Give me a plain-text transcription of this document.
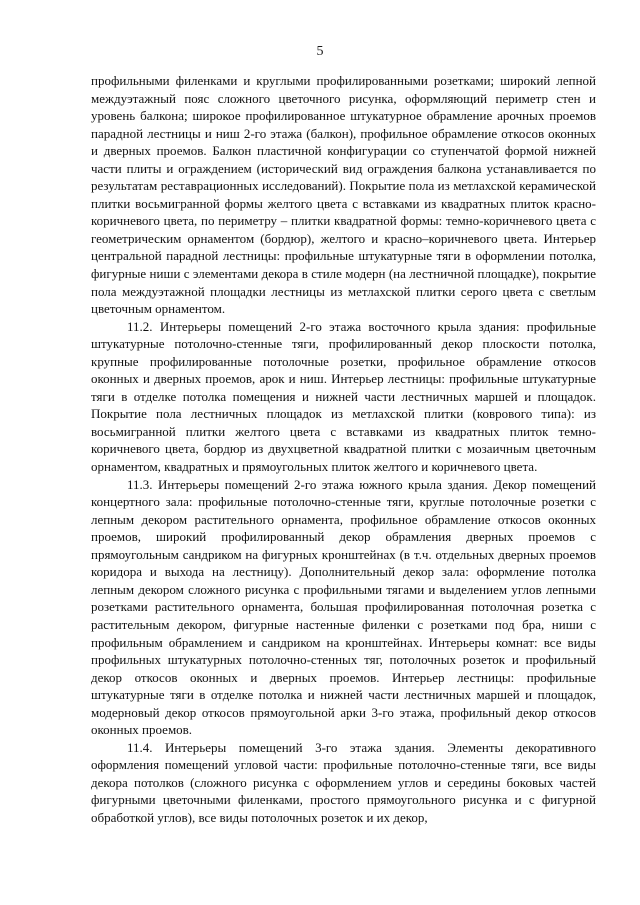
5

профильными филенками и круглыми профилированными розетками; широкий лепной междуэтажный пояс сложного цветочного рисунка, оформляющий периметр стен и уровень балкона; широкое профилированное штукатурное обрамление арочных проемов парадной лестницы и ниш 2-го этажа (балкон), профильное обрамление откосов оконных и дверных проемов. Балкон пластичной конфигурации со ступенчатой формой нижней части плиты и ограждением (исторический вид ограждения балкона устанавливается по результатам реставрационных исследований). Покрытие пола из метлахской керамической плитки восьмигранной формы желтого цвета с вставками из квадратных плиток красно-коричневого цвета, по периметру – плитки квадратной формы: темно-коричневого цвета с геометрическим орнаментом (бордюр), желтого и красно–коричневого цвета. Интерьер центральной парадной лестницы: профильные штукатурные тяги в оформлении потолка, фигурные ниши с элементами декора в стиле модерн (на лестничной площадке), покрытие пола междуэтажной площадки лестницы из метлахской плитки серого цвета с светлым цветочным орнаментом.

11.2. Интерьеры помещений 2-го этажа восточного крыла здания: профильные штукатурные потолочно-стенные тяги, профилированный декор плоскости потолка, крупные профилированные потолочные розетки, профильное обрамление откосов оконных и дверных проемов, арок и ниш. Интерьер лестницы: профильные штукатурные тяги в отделке потолка помещения и нижней части лестничных маршей и площадок. Покрытие пола лестничных площадок из метлахской плитки (коврового типа): из восьмигранной плитки желтого цвета с вставками из квадратных плиток темно-коричневого цвета, бордюр из двухцветной квадратной плитки с мозаичным цветочным орнаментом, квадратных и прямоугольных плиток желтого и коричневого цвета.

11.3. Интерьеры помещений 2-го этажа южного крыла здания. Декор помещений концертного зала: профильные потолочно-стенные тяги, круглые потолочные розетки с лепным декором растительного орнамента, профильное обрамление откосов оконных проемов, широкий профилированный декор обрамления дверных проемов с прямоугольным сандриком на фигурных кронштейнах (в т.ч. отдельных дверных проемов коридора и выхода на лестницу). Дополнительный декор зала: оформление потолка лепным декором сложного рисунка с профильными тягами и выделением углов лепными розетками растительного орнамента, большая профилированная потолочная розетка с растительным декором, фигурные настенные филенки с розетками под бра, ниши с профильным обрамлением и сандриком на кронштейнах. Интерьеры комнат: все виды профильных штукатурных потолочно-стенных тяг, потолочных розеток и профильный декор откосов оконных и дверных проемов. Интерьер лестницы: профильные штукатурные тяги в отделке потолка и нижней части лестничных маршей и площадок, модерновый декор откосов прямоугольной арки 3-го этажа, профильный декор откосов оконных проемов.

11.4. Интерьеры помещений 3-го этажа здания. Элементы декоративного оформления помещений угловой части: профильные потолочно-стенные тяги, все виды декора потолков (сложного рисунка с оформлением углов и середины боковых частей фигурными цветочными филенками, простого прямоугольного рисунка и с фигурной обработкой углов), все виды потолочных розеток и их декор,
